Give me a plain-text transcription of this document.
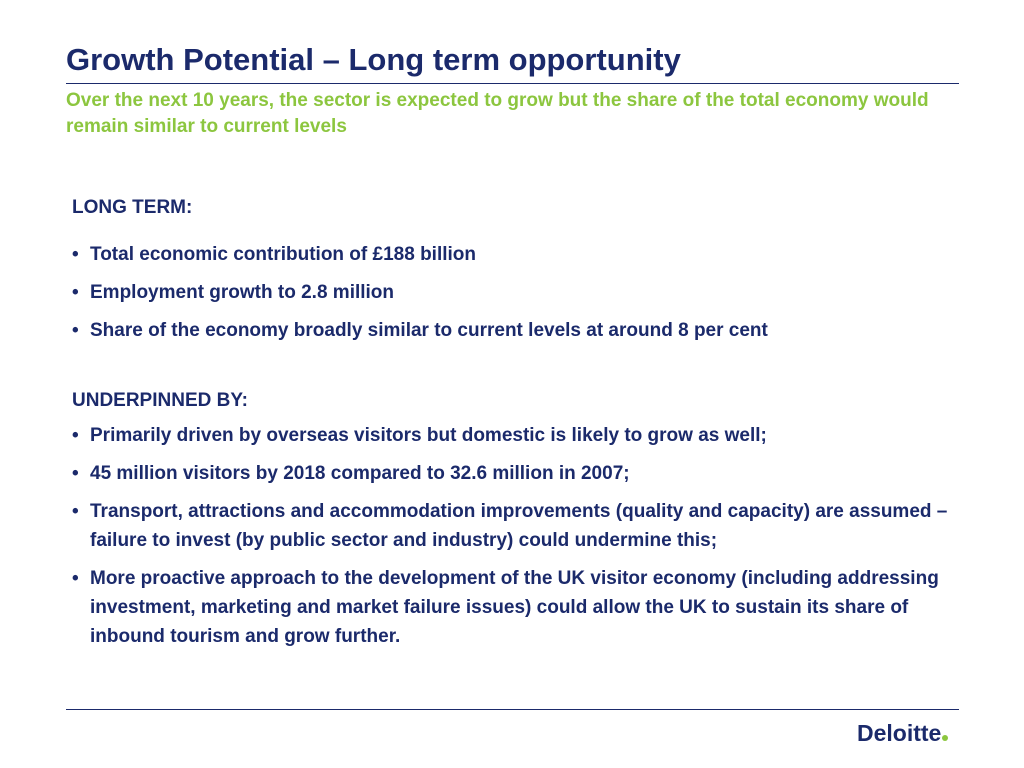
Growth Potential – Long term opportunity

Over the next 10 years, the sector is expected to grow but the share of the total economy would remain similar to current levels

LONG TERM:

• Total economic contribution of £188 billion
• Employment growth to 2.8 million
• Share of the economy broadly similar to current levels at around 8 per cent

UNDERPINNED BY:

• Primarily driven by overseas visitors but domestic is likely to grow as well;
• 45 million visitors by 2018 compared to 32.6 million in 2007;
• Transport, attractions and accommodation improvements (quality and capacity) are assumed – failure to invest (by public sector and industry) could undermine this;
• More proactive approach to the development of the UK visitor economy (including addressing investment, marketing and market failure issues) could allow the UK to sustain its share of inbound tourism and grow further.
Deloitte
